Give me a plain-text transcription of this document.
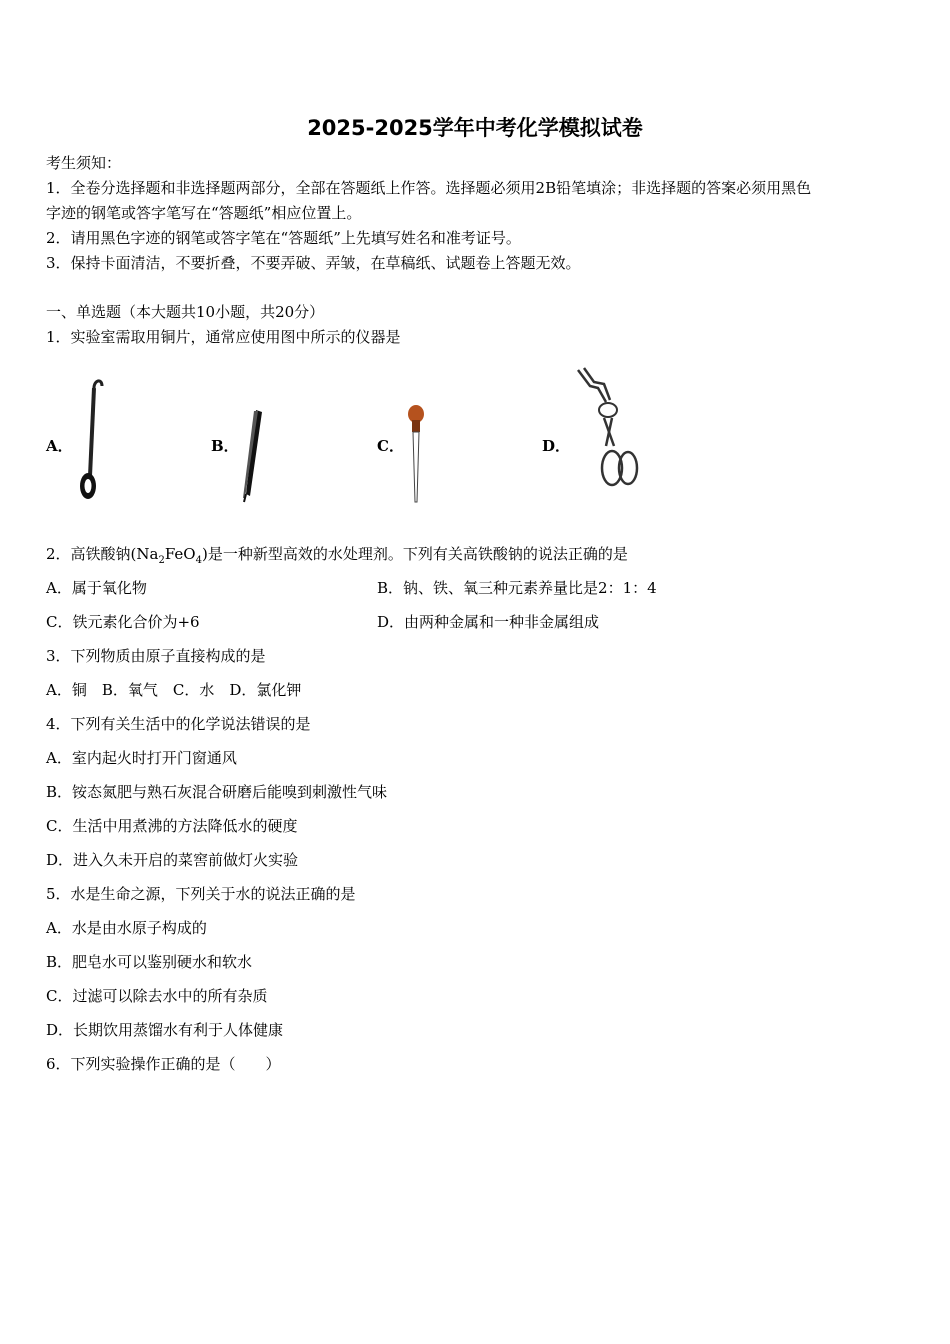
2025-2025学年中考化学模拟试卷
考生须知：
1．全卷分选择题和非选择题两部分，全部在答题纸上作答。选择题必须用2B铅笔填涂；非选择题的答案必须用黑色
字迹的钢笔或答字笔写在“答题纸”相应位置上。
2．请用黑色字迹的钢笔或答字笔在“答题纸”上先填写姓名和准考证号。
3．保持卡面清洁，不要折叠，不要弄破、弄皱，在草稿纸、试题卷上答题无效。
一、单选题（本大题共10小题，共20分）
1．实验室需取用铜片，通常应使用图中所示的仪器是
A．	B．	C．	D．
2．高铁酸钠$(Na_2FeO_4)$是一种新型高效的水处理剂。下列有关高铁酸钠的说法正确的是
A．属于氧化物	B．钠、铁、氧三种元素养量比是2：1：4
C．铁元素化合价为+6	D．由两种金属和一种非金属组成
3．下列物质由原子直接构成的是
A．铜　B．氧气　C．水　D．氯化钾
4．下列有关生活中的化学说法错误的是
A．室内起火时打开门窗通风
B．铵态氮肥与熟石灰混合研磨后能嗅到刺激性气味
C．生活中用煮沸的方法降低水的硬度
D．进入久未开启的菜窖前做灯火实验
5．水是生命之源，下列关于水的说法正确的是
A．水是由水原子构成的
B．肥皂水可以鉴别硬水和软水
C．过滤可以除去水中的所有杂质
D．长期饮用蒸馏水有利于人体健康
6．下列实验操作正确的是（　　）
